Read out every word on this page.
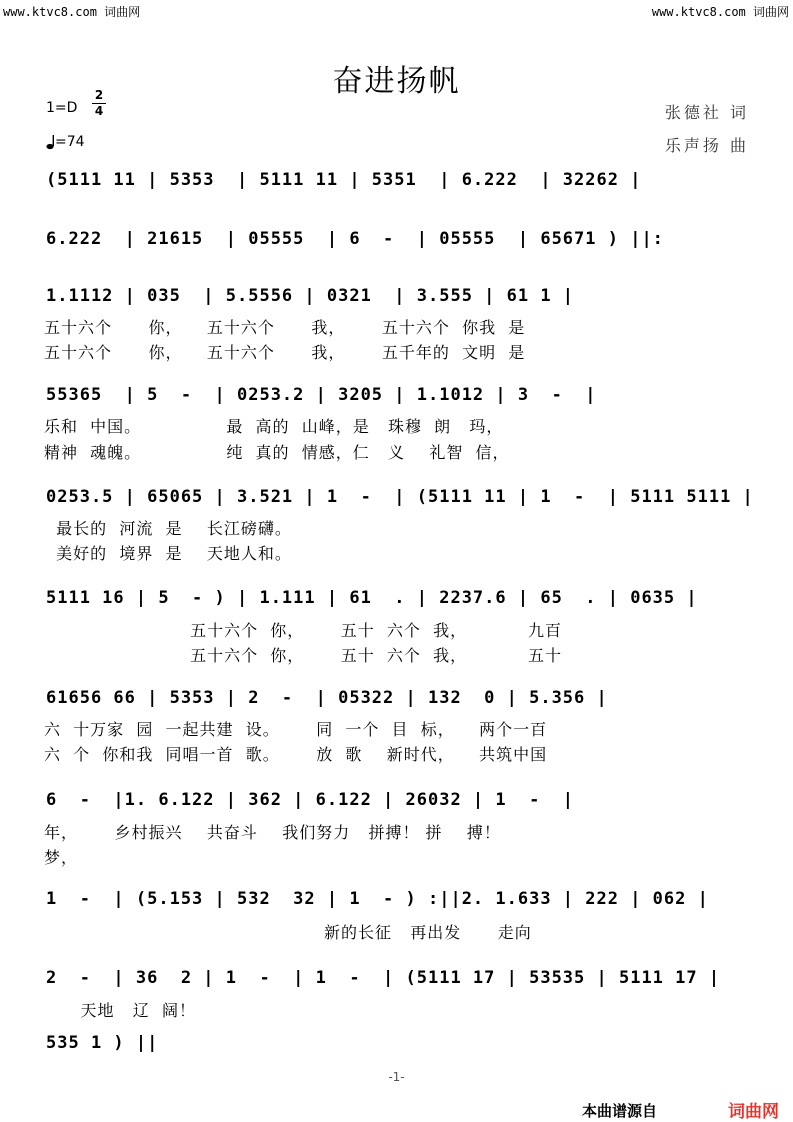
www.ktvc8.com 词曲网	www.ktvc8.com 词曲网
奋进扬帆
$1=D \frac{2}{4}$
=74
张德社 词
乐声扬 曲

(5111 11 | 5353  | 5111 11 | 5351  | 6.222  | 32262 |

6.222  | 21615  | 05555  | 6  -  | 05555  | 65671 ) ||:

1.1112 | 035  | 5.5556 | 0321  | 3.555 | 61 1 |

五十六个      你，    五十六个      我，      五十六个  你我  是
五十六个      你，    五十六个      我，      五千年的  文明  是

55365  | 5  -  | 0253.2 | 3205 | 1.1012 | 3  -  |

乐和  中国。              最  高的  山峰，是   珠穆  朗   玛，
精神  魂魄。              纯  真的  情感，仁   义    礼智  信，

0253.5 | 65065 | 3.521 | 1  -  | (5111 11 | 1  -  | 5111 5111 |

最长的  河流  是    长江磅礴。
美好的  境界  是    天地人和。

5111 16 | 5  - ) | 1.111 | 61  . | 2237.6 | 65  . | 0635 |

五十六个  你，      五十  六个  我，          九百
五十六个  你，      五十  六个  我，          五十

61656 66 | 5353 | 2  -  | 05322 | 132  0 | 5.356 |

六  十万家  园  一起共建  设。      同  一个  目  标，    两个一百
六  个  你和我  同唱一首  歌。      放  歌    新时代，    共筑中国

6  -  |1. 6.122 | 362 | 6.122 | 26032 | 1  -  |

年，      乡村振兴    共奋斗    我们努力   拼搏！ 拼    搏！
梦，

1  -  | (5.153 | 532  32 | 1  - ) :||2. 1.633 | 222 | 062 |

新的长征   再出发      走向

2  -  | 36  2 | 1  -  | 1  -  | (5111 17 | 53535 | 5111 17 |

天地   辽  阔！

535 1 ) ||

-1-
本曲谱源自	词曲网
